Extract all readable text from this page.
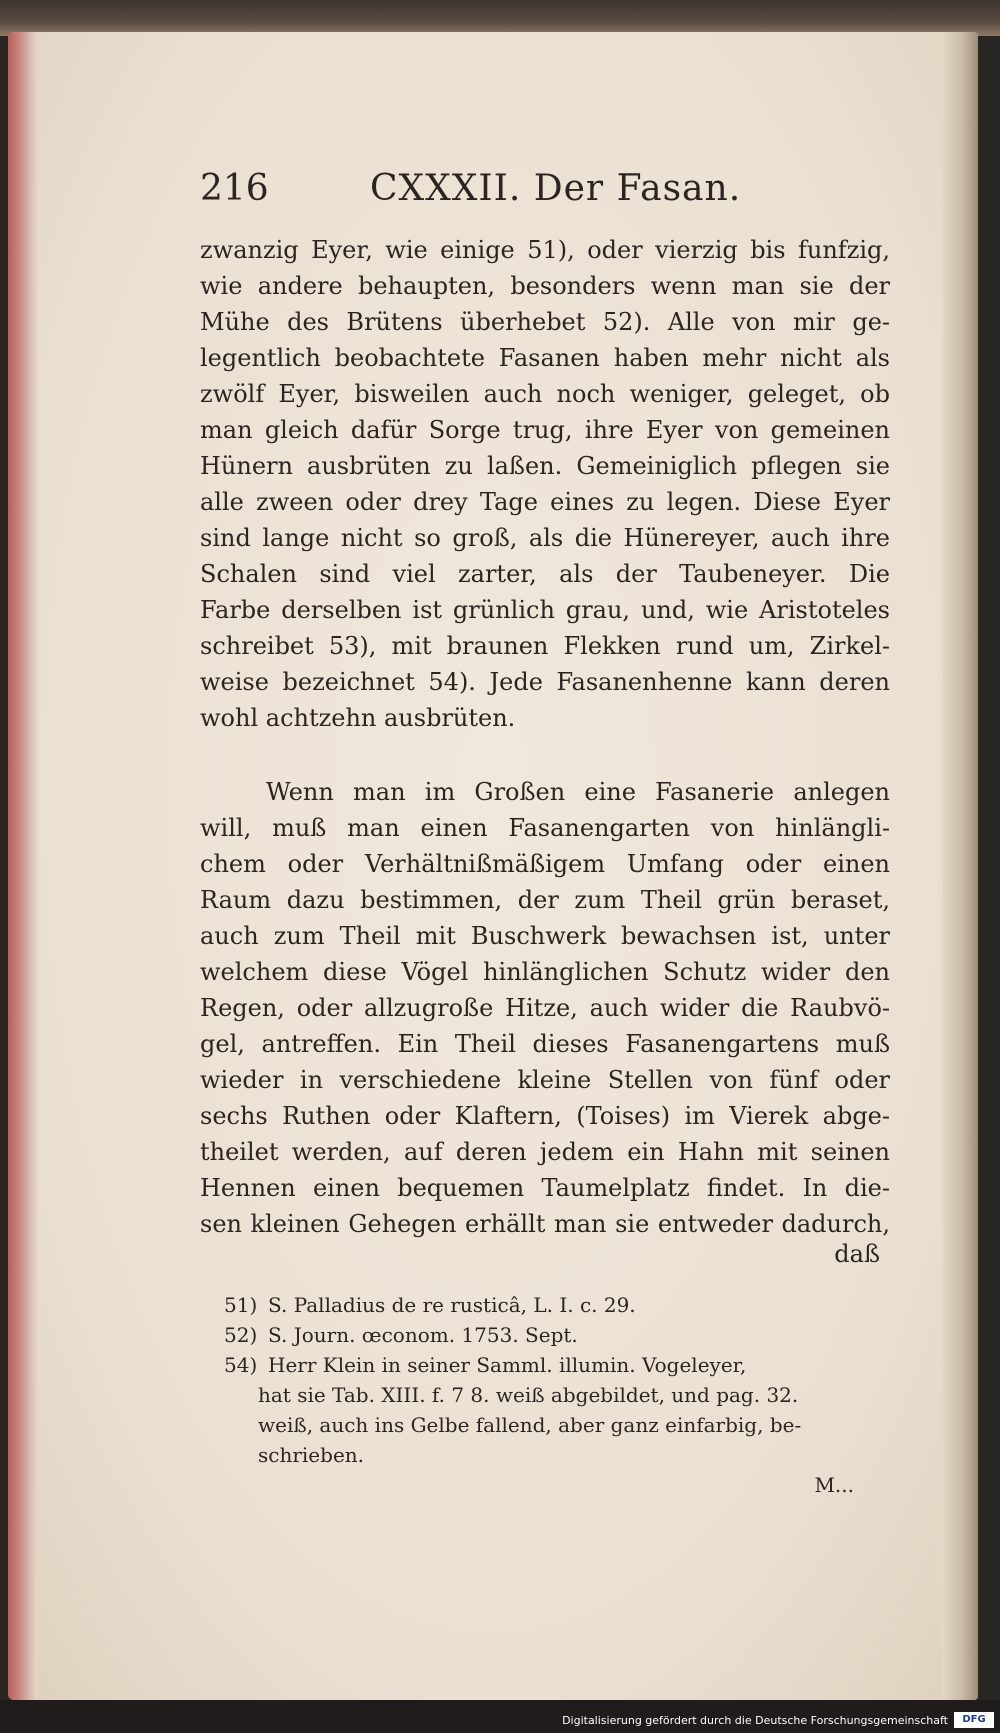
216	CXXXII. Der Fasan.
zwanzig Eyer, wie einige 51), oder vierzig bis funfzig,
wie andere behaupten, besonders wenn man sie der
Mühe des Brütens überhebet 52). Alle von mir ge-
legentlich beobachtete Fasanen haben mehr nicht als
zwölf Eyer, bisweilen auch noch weniger, geleget, ob
man gleich dafür Sorge trug, ihre Eyer von gemeinen
Hünern ausbrüten zu laßen. Gemeiniglich pflegen sie
alle zween oder drey Tage eines zu legen. Diese Eyer
sind lange nicht so groß, als die Hünereyer, auch ihre
Schalen sind viel zarter, als der Taubeneyer. Die
Farbe derselben ist grünlich grau, und, wie Aristoteles
schreibet 53), mit braunen Flekken rund um, Zirkel-
weise bezeichnet 54). Jede Fasanenhenne kann deren
wohl achtzehn ausbrüten.
Wenn man im Großen eine Fasanerie anlegen
will, muß man einen Fasanengarten von hinlängli-
chem oder Verhältnißmäßigem Umfang oder einen
Raum dazu bestimmen, der zum Theil grün beraset,
auch zum Theil mit Buschwerk bewachsen ist, unter
welchem diese Vögel hinlänglichen Schutz wider den
Regen, oder allzugroße Hitze, auch wider die Raubvö-
gel, antreffen. Ein Theil dieses Fasanengartens muß
wieder in verschiedene kleine Stellen von fünf oder
sechs Ruthen oder Klaftern, (Toises) im Vierek abge-
theilet werden, auf deren jedem ein Hahn mit seinen
Hennen einen bequemen Taumelplatz findet. In die-
sen kleinen Gehegen erhällt man sie entweder dadurch,
daß
51) S. Palladius de re rusticâ, L. I. c. 29.
52) S. Journ. œconom. 1753. Sept.
54) Herr Klein in seiner Samml. illumin. Vogeleyer,
hat sie Tab. XIII. f. 7 8. weiß abgebildet, und pag. 32.
weiß, auch ins Gelbe fallend, aber ganz einfarbig, be-
schrieben.
M...
Digitalisierung gefördert durch die Deutsche Forschungsgemeinschaft	DFG
